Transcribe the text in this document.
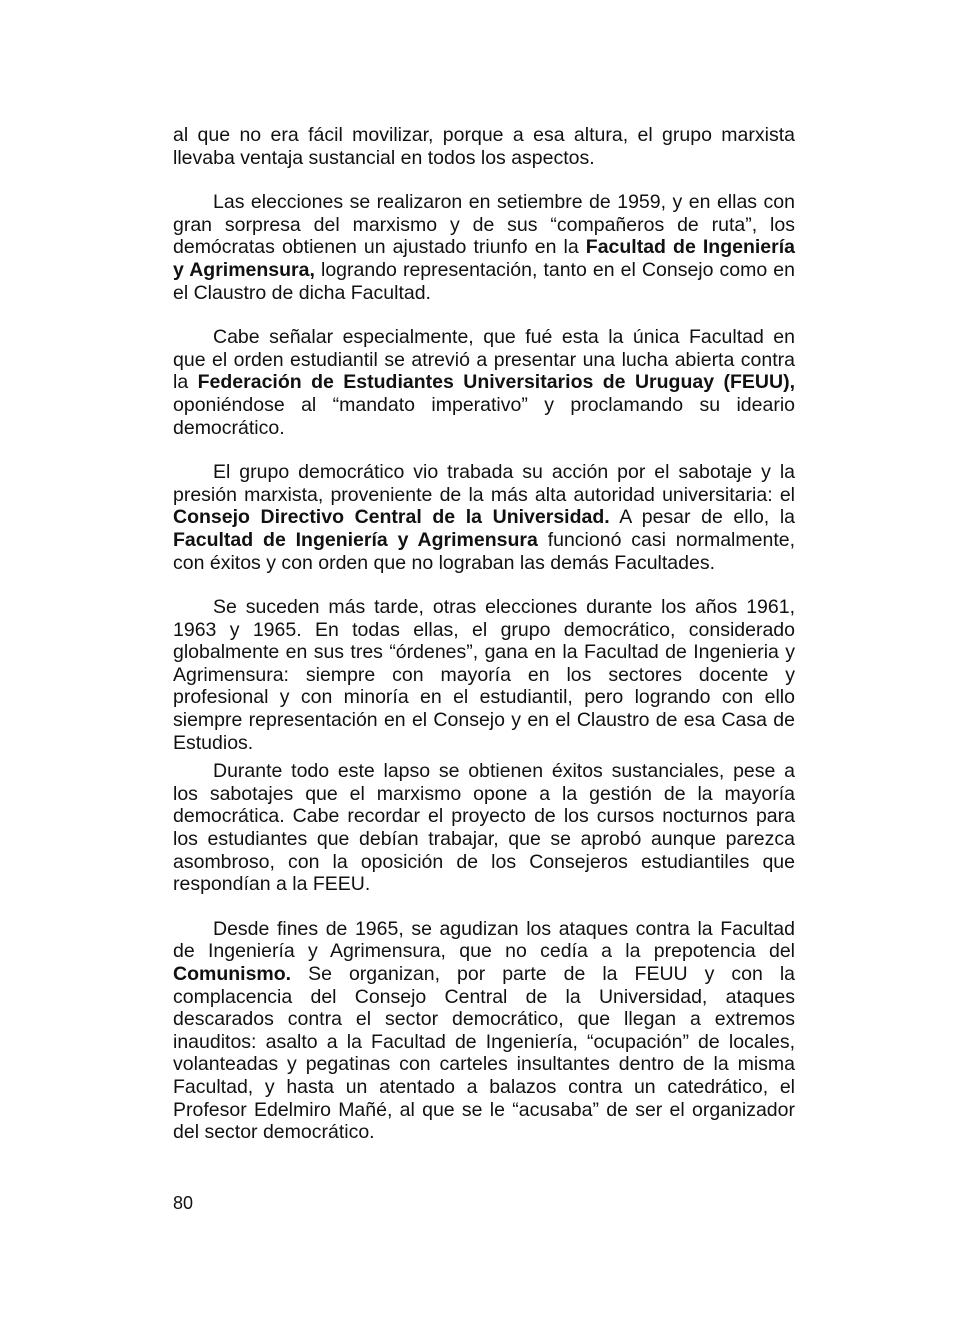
al que no era fácil movilizar, porque a esa altura, el grupo marxista llevaba ventaja sustancial en todos los aspectos.

Las elecciones se realizaron en setiembre de 1959, y en ellas con gran sorpresa del marxismo y de sus “compañeros de ruta”, los demócratas obtienen un ajustado triunfo en la Facultad de Ingeniería y Agrimensura, logrando representación, tanto en el Consejo como en el Claustro de dicha Facultad.

Cabe señalar especialmente, que fué esta la única Facultad en que el orden estudiantil se atrevió a presentar una lucha abierta contra la Federación de Estudiantes Universitarios de Uruguay (FEUU), oponiéndose al “mandato imperativo” y proclamando su ideario democrático.

El grupo democrático vio trabada su acción por el sabotaje y la presión marxista, proveniente de la más alta autoridad universitaria: el Consejo Directivo Central de la Universidad. A pesar de ello, la Facultad de Ingeniería y Agrimensura funcionó casi normalmente, con éxitos y con orden que no lograban las demás Facultades.

Se suceden más tarde, otras elecciones durante los años 1961, 1963 y 1965. En todas ellas, el grupo democrático, considerado globalmente en sus tres “órdenes”, gana en la Facultad de Ingenieria y Agrimensura: siempre con mayoría en los sectores docente y profesional y con minoría en el estudiantil, pero logrando con ello siempre representación en el Consejo y en el Claustro de esa Casa de Estudios.

Durante todo este lapso se obtienen éxitos sustanciales, pese a los sabotajes que el marxismo opone a la gestión de la mayoría democrática. Cabe recordar el proyecto de los cursos nocturnos para los estudiantes que debían trabajar, que se aprobó aunque parezca asombroso, con la oposición de los Consejeros estudiantiles que respondían a la FEEU.

Desde fines de 1965, se agudizan los ataques contra la Facultad de Ingeniería y Agrimensura, que no cedía a la prepotencia del Comunismo. Se organizan, por parte de la FEUU y con la complacencia del Consejo Central de la Universidad, ataques descarados contra el sector democrático, que llegan a extremos inauditos: asalto a la Facultad de Ingeniería, “ocupación” de locales, volanteadas y pegatinas con carteles insultantes dentro de la misma Facultad, y hasta un atentado a balazos contra un catedrático, el Profesor Edelmiro Mañé, al que se le “acusaba” de ser el organizador del sector democrático.

80
